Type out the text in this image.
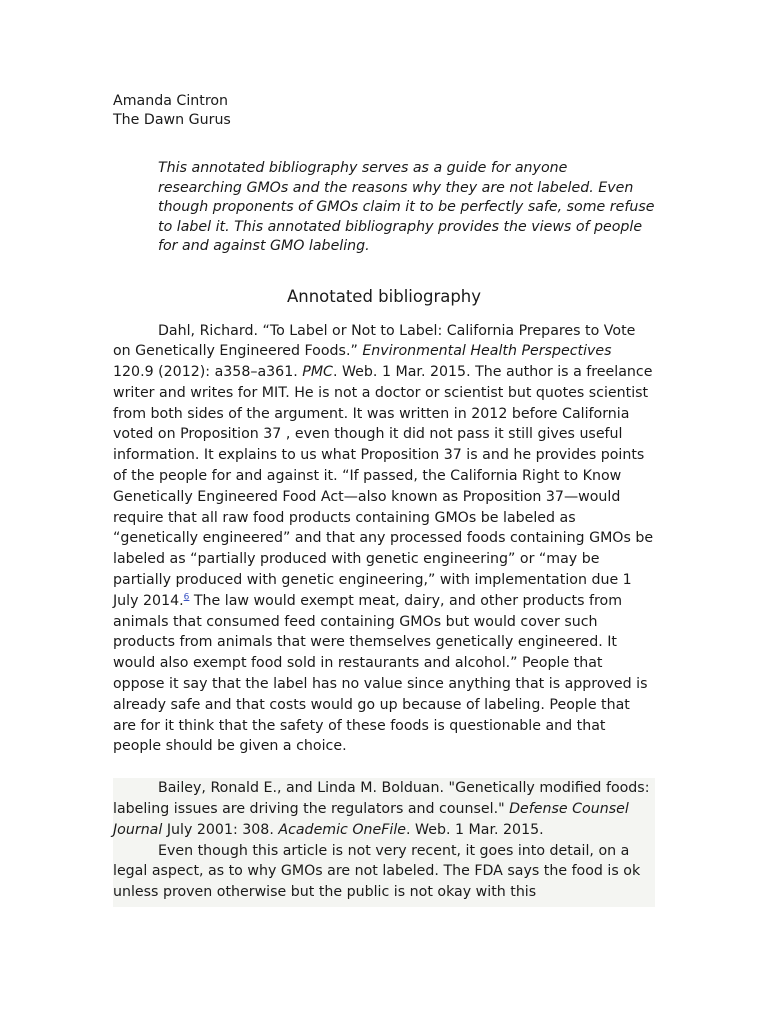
Amanda Cintron
The Dawn Gurus

This annotated bibliography serves as a guide for anyone researching GMOs and the reasons why they are not labeled. Even though proponents of GMOs claim it to be perfectly safe, some refuse to label it. This annotated bibliography provides the views of people for and against GMO labeling.

Annotated bibliography
Dahl, Richard. “To Label or Not to Label: California Prepares to Vote on Genetically Engineered Foods.” Environmental Health Perspectives 120.9 (2012): a358–a361. PMC. Web. 1 Mar. 2015. The author is a freelance writer and writes for MIT. He is not a doctor or scientist but quotes scientist from both sides of the argument. It was written in 2012 before California voted on Proposition 37 , even though it did not pass it still gives useful information. It explains to us what Proposition 37 is and he provides points of the people for and against it. “If passed, the California Right to Know Genetically Engineered Food Act—also known as Proposition 37—would require that all raw food products containing GMOs be labeled as “genetically engineered” and that any processed foods containing GMOs be labeled as “partially produced with genetic engineering” or “may be partially produced with genetic engineering,” with implementation due 1 July 2014.$^6$ The law would exempt meat, dairy, and other products from animals that consumed feed containing GMOs but would cover such products from animals that were themselves genetically engineered. It would also exempt food sold in restaurants and alcohol.” People that oppose it say that the label has no value since anything that is approved is already safe and that costs would go up because of labeling. People that are for it think that the safety of these foods is questionable and that people should be given a choice.
Bailey, Ronald E., and Linda M. Bolduan. "Genetically modified foods: labeling issues are driving the regulators and counsel." Defense Counsel Journal July 2001: 308. Academic OneFile. Web. 1 Mar. 2015.
Even though this article is not very recent, it goes into detail, on a legal aspect, as to why GMOs are not labeled. The FDA says the food is ok unless proven otherwise but the public is not okay with this
